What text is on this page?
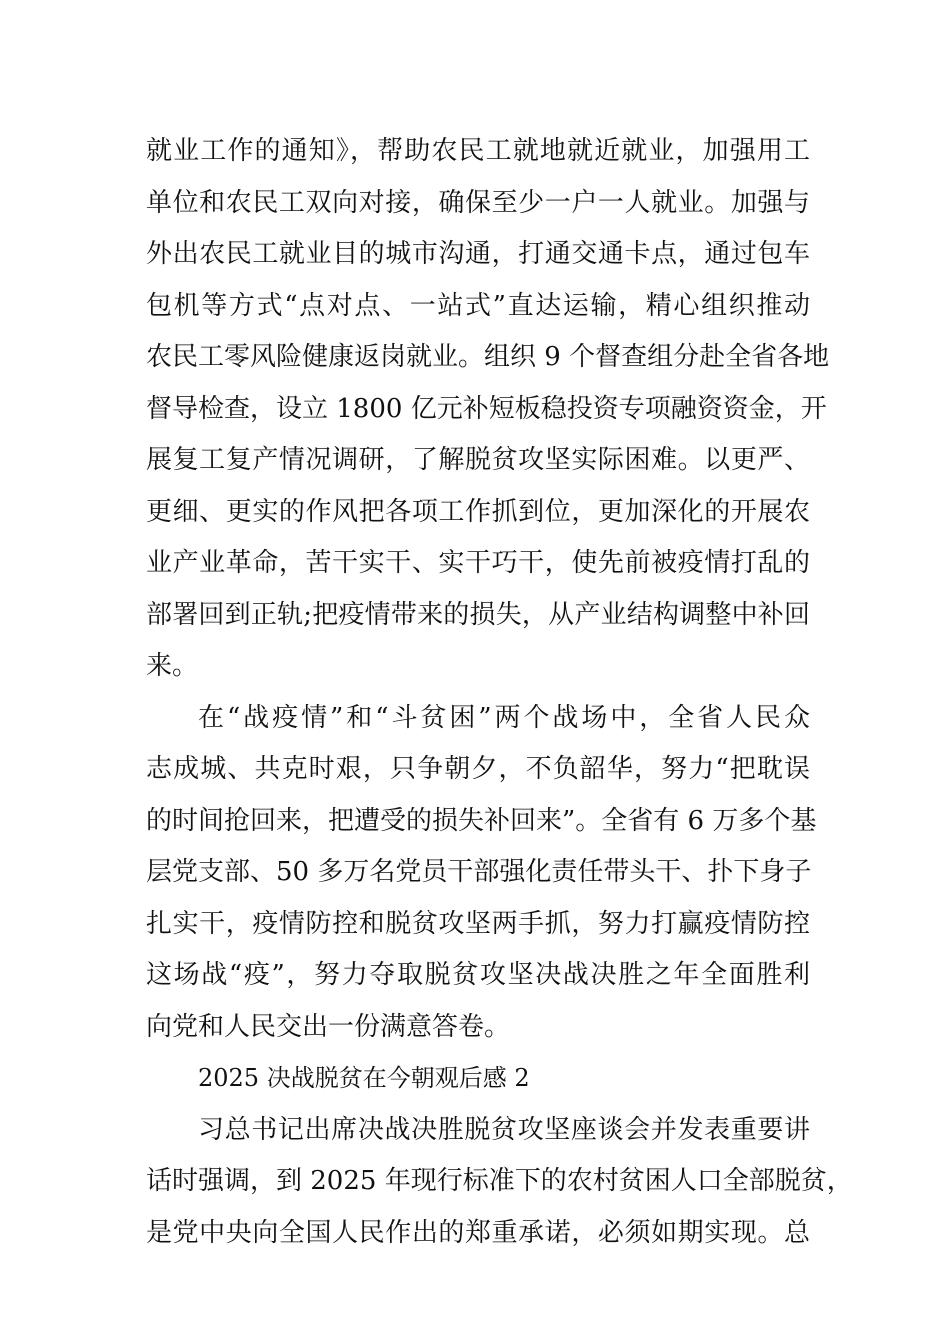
就业工作的通知》，帮助农民工就地就近就业，加强用工
单位和农民工双向对接，确保至少一户一人就业。加强与
外出农民工就业目的城市沟通，打通交通卡点，通过包车
包机等方式“点对点、一站式”直达运输，精心组织推动
农民工零风险健康返岗就业。组织 9 个督查组分赴全省各地
督导检查，设立 1800 亿元补短板稳投资专项融资资金，开
展复工复产情况调研，了解脱贫攻坚实际困难。以更严、
更细、更实的作风把各项工作抓到位，更加深化的开展农
业产业革命，苦干实干、实干巧干，使先前被疫情打乱的
部署回到正轨;把疫情带来的损失，从产业结构调整中补回
来。
在“战疫情”和“斗贫困”两个战场中，全省人民众
志成城、共克时艰，只争朝夕，不负韶华，努力“把耽误
的时间抢回来，把遭受的损失补回来”。全省有 6 万多个基
层党支部、50 多万名党员干部强化责任带头干、扑下身子
扎实干，疫情防控和脱贫攻坚两手抓，努力打赢疫情防控
这场战“疫”，努力夺取脱贫攻坚决战决胜之年全面胜利
向党和人民交出一份满意答卷。
2025 决战脱贫在今朝观后感 2
习总书记出席决战决胜脱贫攻坚座谈会并发表重要讲
话时强调，到 2025 年现行标准下的农村贫困人口全部脱贫，
是党中央向全国人民作出的郑重承诺，必须如期实现。总
